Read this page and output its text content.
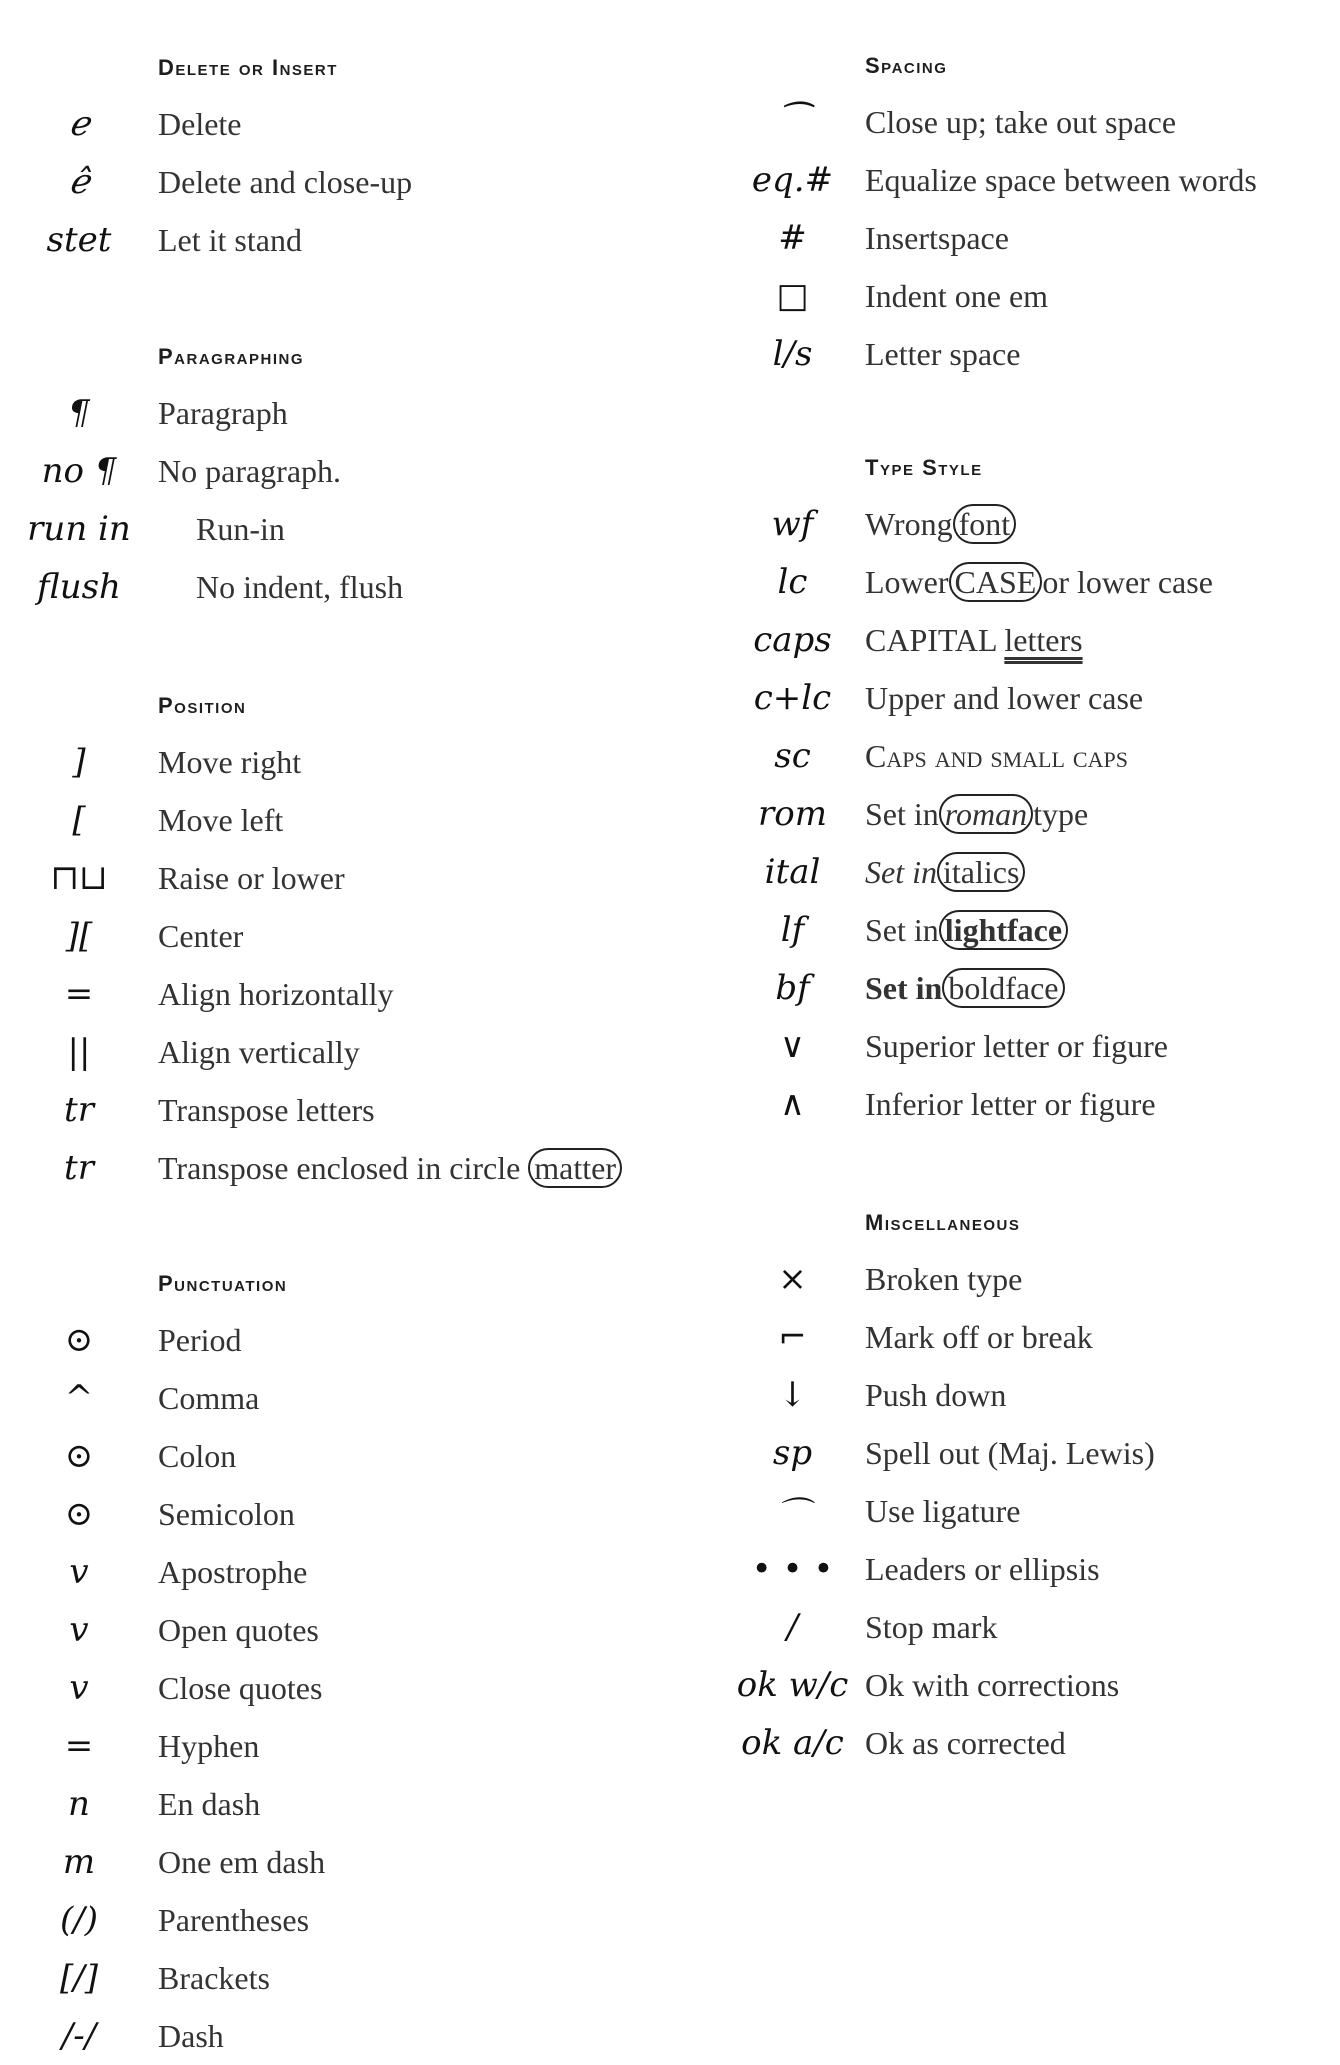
Delete or Insert
ℯ	Delete
ℯ̂	Delete and close-up
stet	Let it stand
Paragraphing
¶	Paragraph
no ¶	No paragraph.
run in	Run-in
flush	No indent, flush
Position
]	Move right
[	Move left
⊓⊔	Raise or lower
][	Center
=	Align horizontally
||	Align vertically
tr	Transpose letters
tr	Transpose enclosed in circle matter
Punctuation
⊙	Period
^	Comma
⊙	Colon
⊙	Semicolon
v	Apostrophe
v	Open quotes
v	Close quotes
=	Hyphen
n	En dash
m	One em dash
(/)	Parentheses
[/]	Brackets
/-/	Dash
Spacing
⁀	Close up; take out space
eq.# Equalize space between words
#	Insertspace
□	Indent one em
l/s	Letter space
Type Style
wf	Wrong font
lc	Lower CASE or lower case
caps	CAPITAL letters
c+lc	Upper and lower case
sc	Caps and small caps
rom	Set in roman type
ital	Set in italics
lf	Set in lightface
bf	Set in boldface
∨	Superior letter or figure
∧	Inferior letter or figure
Miscellaneous
×	Broken type
⌐	Mark off or break
↓	Push down
sp	Spell out (Maj. Lewis)
⌒	Use ligature
• • • Leaders or ellipsis
/	Stop mark
ok w/c Ok with corrections
ok a/c Ok as corrected
